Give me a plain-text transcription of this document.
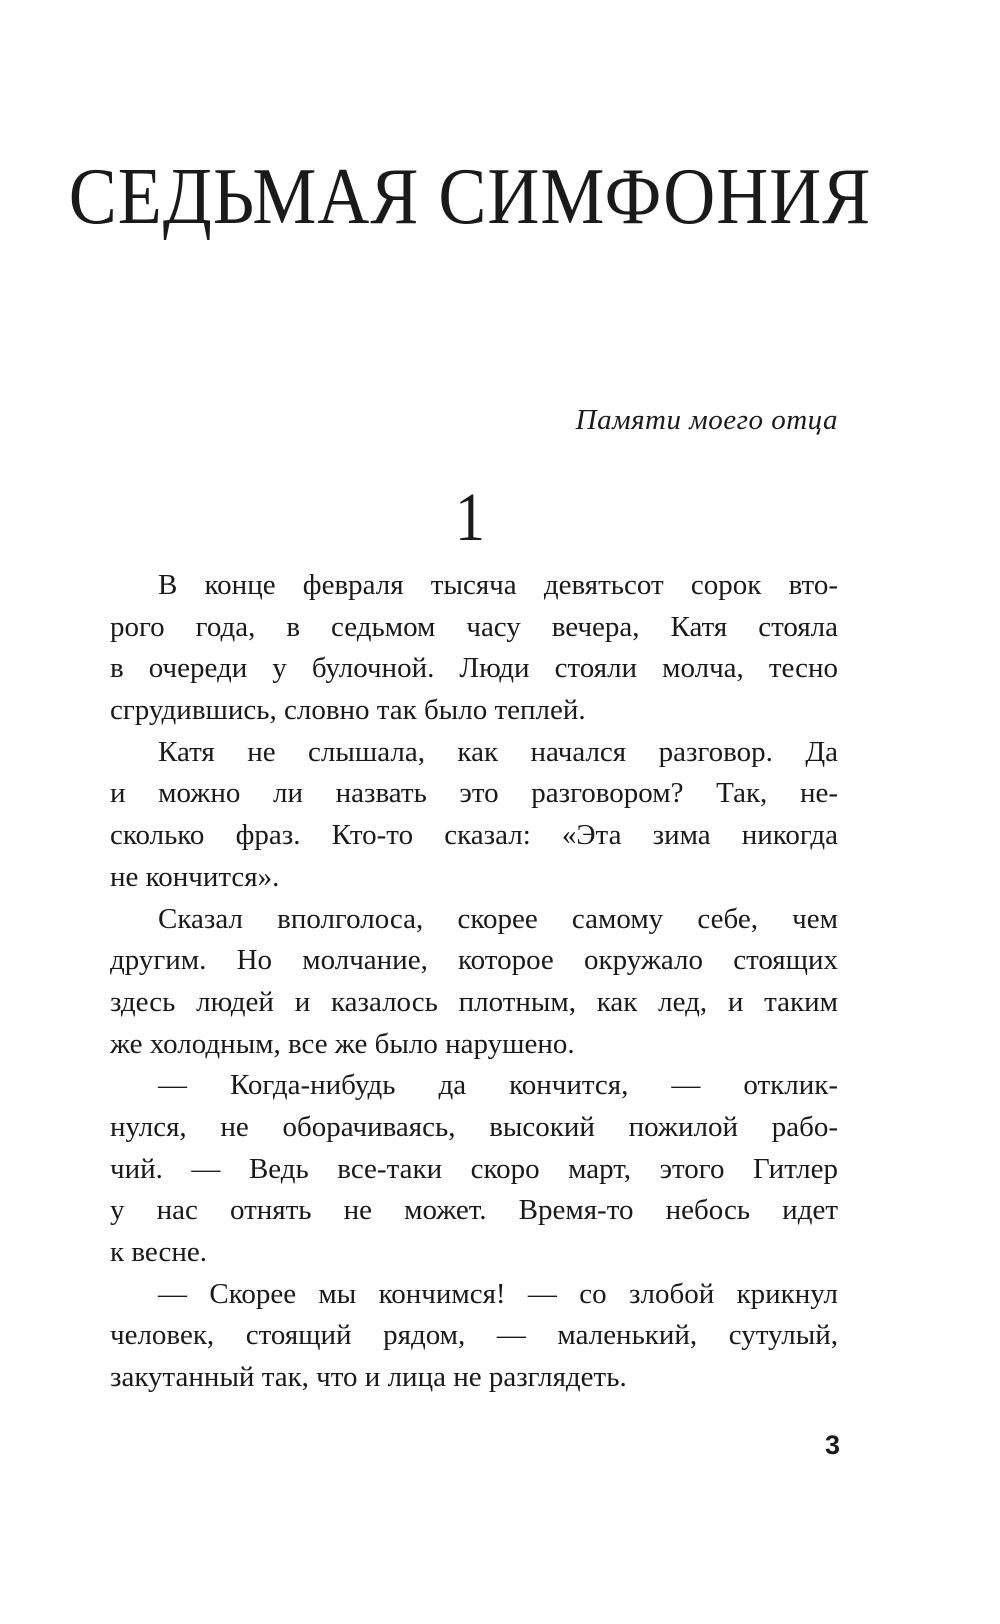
СЕДЬМАЯ СИМФОНИЯ
Памяти моего отца
1
В конце февраля тысяча девятьсот сорок вто-
рого года, в седьмом часу вечера, Катя стояла
в очереди у булочной. Люди стояли молча, тесно
сгрудившись, словно так было теплей.
Катя не слышала, как начался разговор. Да
и можно ли назвать это разговором? Так, не-
сколько фраз. Кто-то сказал: «Эта зима никогда
не кончится».
Сказал вполголоса, скорее самому себе, чем
другим. Но молчание, которое окружало стоящих
здесь людей и казалось плотным, как лед, и таким
же холодным, все же было нарушено.
— Когда-нибудь да кончится, — отклик-
нулся, не оборачиваясь, высокий пожилой рабо-
чий. — Ведь все-таки скоро март, этого Гитлер
у нас отнять не может. Время-то небось идет
к весне.
— Скорее мы кончимся! — со злобой крикнул
человек, стоящий рядом, — маленький, сутулый,
закутанный так, что и лица не разглядеть.
3
